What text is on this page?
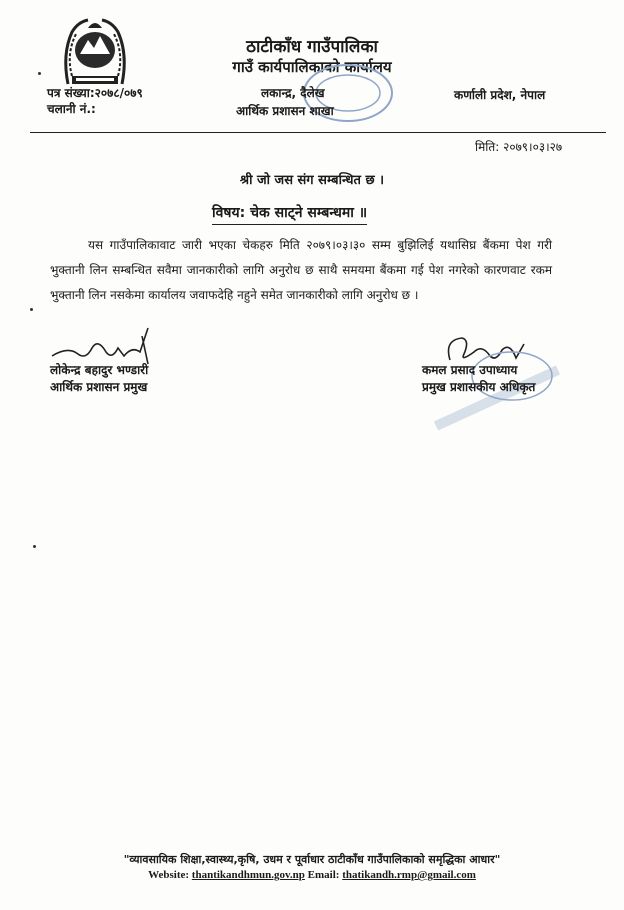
ठाटीकाँध गाउँपालिका
गाउँ कार्यपालिकाको कार्यालय
पत्र संख्या:२०७८/०७९
चलानी नं.:
लकान्द्र, दैलेख
आर्थिक प्रशासन शाखा
कर्णाली प्रदेश, नेपाल
मिति: २०७९।०३।२७
श्री जो जस संग सम्बन्धित छ ।
विषय: चेक साट्ने सम्बन्धमा ॥
यस गाउँपालिकावाट जारी भएका चेकहरु मिति २०७९।०३।३० सम्म बुझिलिई यथासिघ्र बैंकमा पेश गरी भुक्तानी लिन सम्बन्धित सवैमा जानकारीको लागि अनुरोध छ साथै समयमा बैंकमा गई पेश नगरेको कारणवाट रकम भुक्तानी लिन नसकेमा कार्यालय जवाफदेहि नहुने समेत जानकारीको लागि अनुरोध छ ।
लोकेन्द्र बहादुर भण्डारी
आर्थिक प्रशासन प्रमुख
कमल प्रसाद उपाध्याय
प्रमुख प्रशासकीय अधिकृत
"व्यावसायिक शिक्षा,स्वास्थ्य,कृषि, उधम र पूर्वाधार ठाटीकाँध गाउँपालिकाको समृद्धिका आधार"
Website: thantikandhmun.gov.np Email: thatikandh.rmp@gmail.com
